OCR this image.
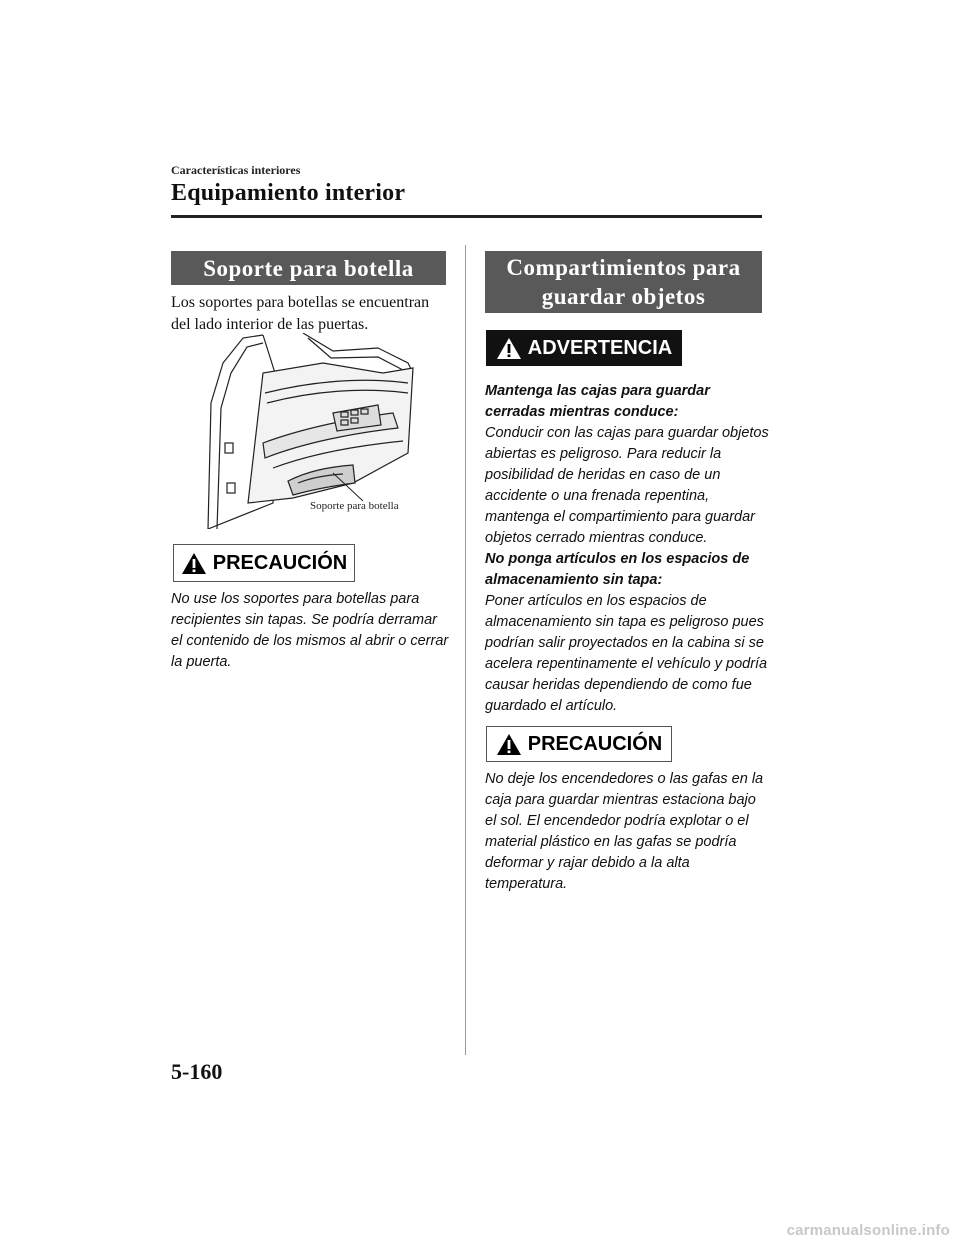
Características interiores
Equipamiento interior
Soporte para botella
Los soportes para botellas se encuentran del lado interior de las puertas.
Soporte para botella
PRECAUCIÓN
No use los soportes para botellas para recipientes sin tapas. Se podría derramar el contenido de los mismos al abrir o cerrar la puerta.
Compartimientos para guardar objetos
ADVERTENCIA
Mantenga las cajas para guardar cerradas mientras conduce:
Conducir con las cajas para guardar objetos abiertas es peligroso. Para reducir la posibilidad de heridas en caso de un accidente o una frenada repentina, mantenga el compartimiento para guardar objetos cerrado mientras conduce.
No ponga artículos en los espacios de almacenamiento sin tapa:
Poner artículos en los espacios de almacenamiento sin tapa es peligroso pues podrían salir proyectados en la cabina si se acelera repentinamente el vehículo y podría causar heridas dependiendo de como fue guardado el artículo.
PRECAUCIÓN
No deje los encendedores o las gafas en la caja para guardar mientras estaciona bajo el sol. El encendedor podría explotar o el material plástico en las gafas se podría deformar y rajar debido a la alta temperatura.
5-160
carmanualsonline.info
